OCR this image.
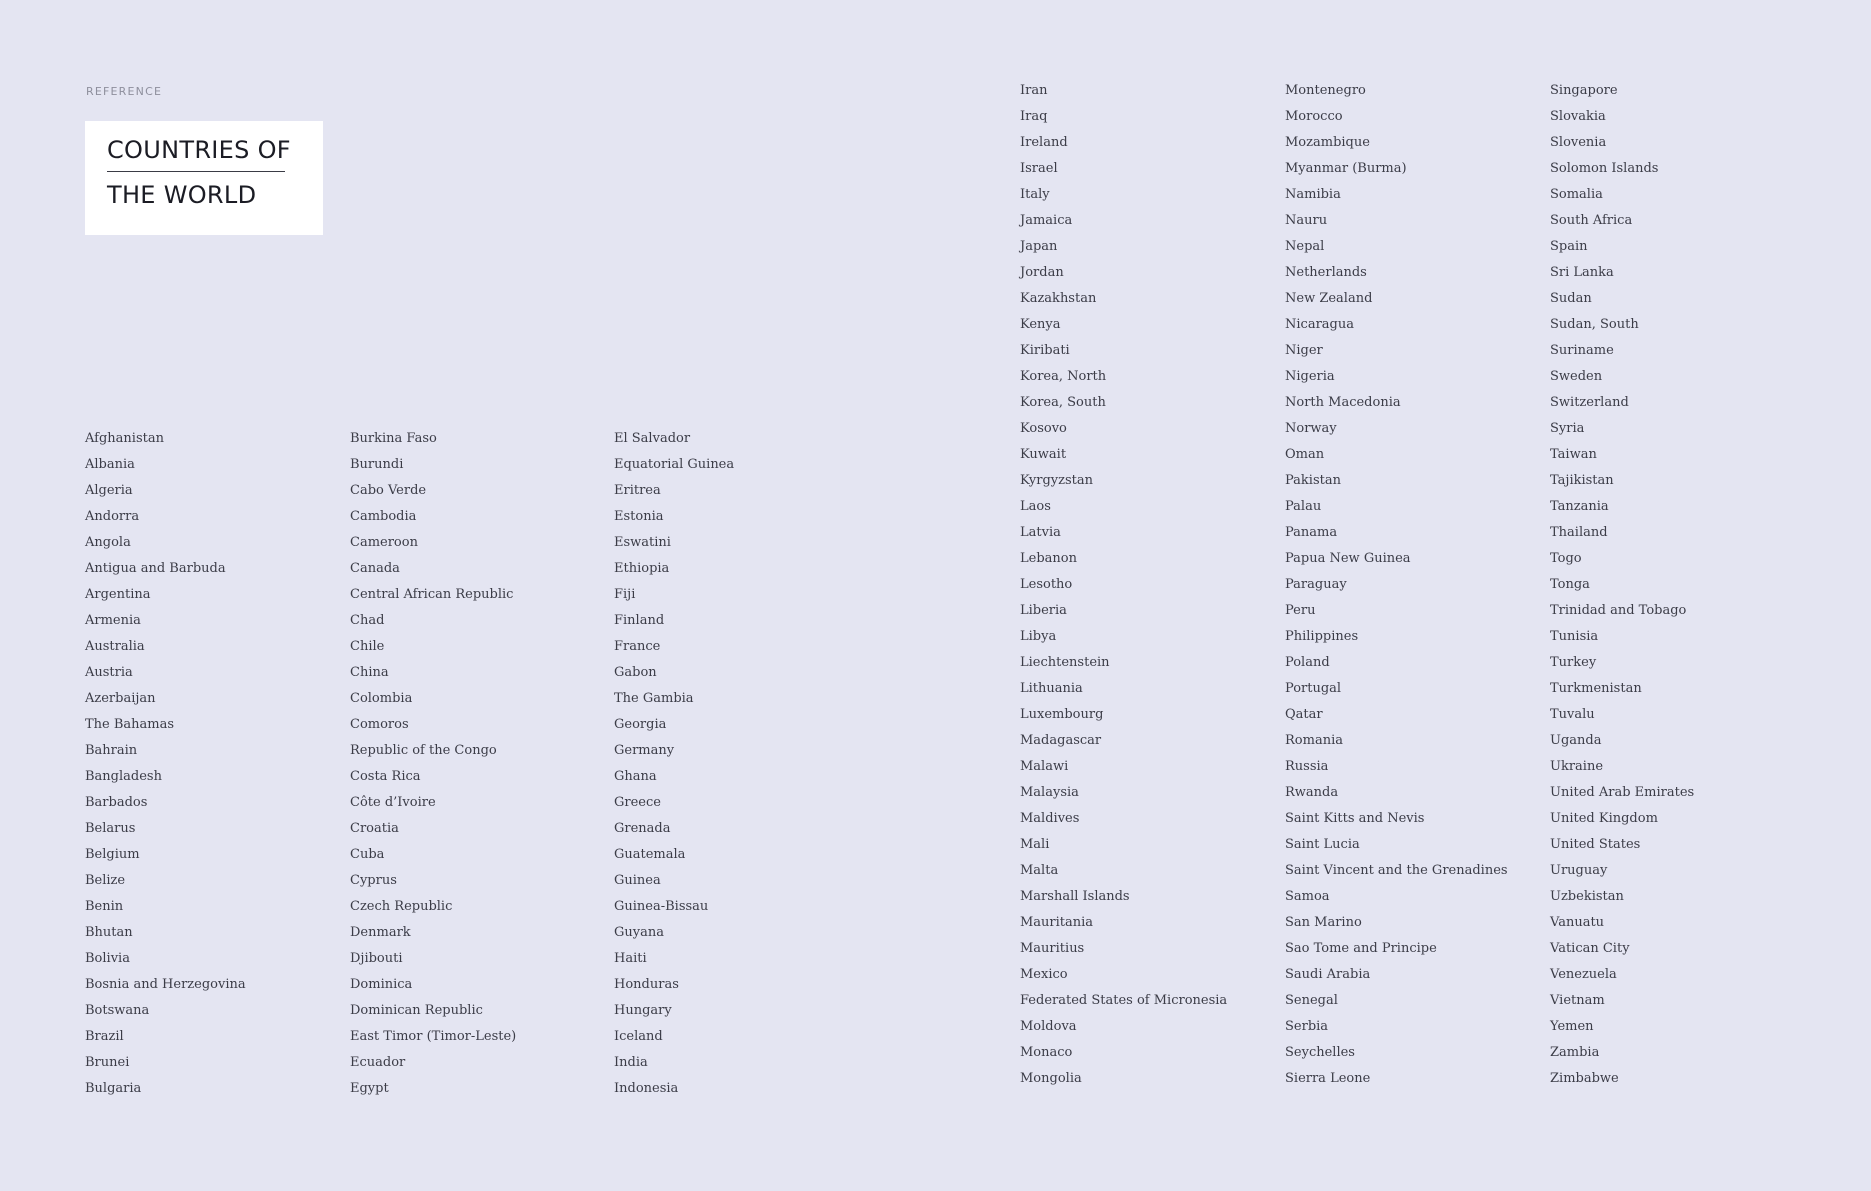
REFERENCE
COUNTRIES OF
THE WORLD
Afghanistan
Albania
Algeria
Andorra
Angola
Antigua and Barbuda
Argentina
Armenia
Australia
Austria
Azerbaijan
The Bahamas
Bahrain
Bangladesh
Barbados
Belarus
Belgium
Belize
Benin
Bhutan
Bolivia
Bosnia and Herzegovina
Botswana
Brazil
Brunei
Bulgaria
Burkina Faso
Burundi
Cabo Verde
Cambodia
Cameroon
Canada
Central African Republic
Chad
Chile
China
Colombia
Comoros
Republic of the Congo
Costa Rica
Côte d’Ivoire
Croatia
Cuba
Cyprus
Czech Republic
Denmark
Djibouti
Dominica
Dominican Republic
East Timor (Timor-Leste)
Ecuador
Egypt
El Salvador
Equatorial Guinea
Eritrea
Estonia
Eswatini
Ethiopia
Fiji
Finland
France
Gabon
The Gambia
Georgia
Germany
Ghana
Greece
Grenada
Guatemala
Guinea
Guinea-Bissau
Guyana
Haiti
Honduras
Hungary
Iceland
India
Indonesia
Iran
Iraq
Ireland
Israel
Italy
Jamaica
Japan
Jordan
Kazakhstan
Kenya
Kiribati
Korea, North
Korea, South
Kosovo
Kuwait
Kyrgyzstan
Laos
Latvia
Lebanon
Lesotho
Liberia
Libya
Liechtenstein
Lithuania
Luxembourg
Madagascar
Malawi
Malaysia
Maldives
Mali
Malta
Marshall Islands
Mauritania
Mauritius
Mexico
Federated States of Micronesia
Moldova
Monaco
Mongolia
Montenegro
Morocco
Mozambique
Myanmar (Burma)
Namibia
Nauru
Nepal
Netherlands
New Zealand
Nicaragua
Niger
Nigeria
North Macedonia
Norway
Oman
Pakistan
Palau
Panama
Papua New Guinea
Paraguay
Peru
Philippines
Poland
Portugal
Qatar
Romania
Russia
Rwanda
Saint Kitts and Nevis
Saint Lucia
Saint Vincent and the Grenadines
Samoa
San Marino
Sao Tome and Principe
Saudi Arabia
Senegal
Serbia
Seychelles
Sierra Leone
Singapore
Slovakia
Slovenia
Solomon Islands
Somalia
South Africa
Spain
Sri Lanka
Sudan
Sudan, South
Suriname
Sweden
Switzerland
Syria
Taiwan
Tajikistan
Tanzania
Thailand
Togo
Tonga
Trinidad and Tobago
Tunisia
Turkey
Turkmenistan
Tuvalu
Uganda
Ukraine
United Arab Emirates
United Kingdom
United States
Uruguay
Uzbekistan
Vanuatu
Vatican City
Venezuela
Vietnam
Yemen
Zambia
Zimbabwe
